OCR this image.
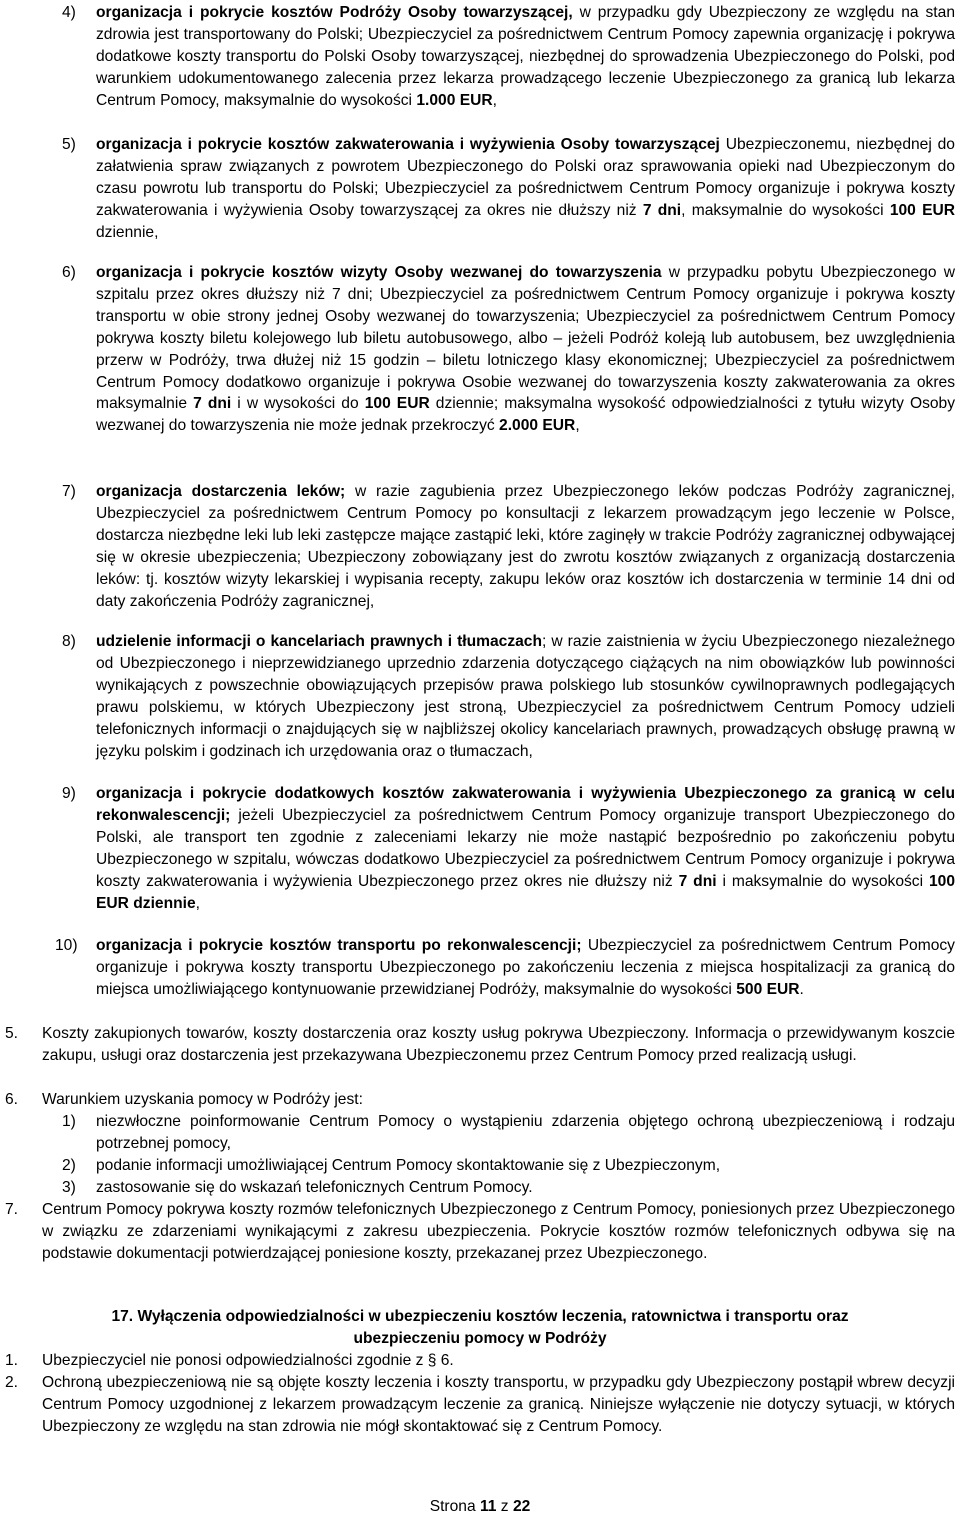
4) organizacja i pokrycie kosztów Podróży Osoby towarzyszącej, w przypadku gdy Ubezpieczony ze względu na stan zdrowia jest transportowany do Polski; Ubezpieczyciel za pośrednictwem Centrum Pomocy zapewnia organizację i pokrywa dodatkowe koszty transportu do Polski Osoby towarzyszącej, niezbędnej do sprowadzenia Ubezpieczonego do Polski, pod warunkiem udokumentowanego zalecenia przez lekarza prowadzącego leczenie Ubezpieczonego za granicą lub lekarza Centrum Pomocy, maksymalnie do wysokości 1.000 EUR,
5) organizacja i pokrycie kosztów zakwaterowania i wyżywienia Osoby towarzyszącej Ubezpieczonemu, niezbędnej do załatwienia spraw związanych z powrotem Ubezpieczonego do Polski oraz sprawowania opieki nad Ubezpieczonym do czasu powrotu lub transportu do Polski; Ubezpieczyciel za pośrednictwem Centrum Pomocy organizuje i pokrywa koszty zakwaterowania i wyżywienia Osoby towarzyszącej za okres nie dłuższy niż 7 dni, maksymalnie do wysokości 100 EUR dziennie,
6) organizacja i pokrycie kosztów wizyty Osoby wezwanej do towarzyszenia w przypadku pobytu Ubezpieczonego w szpitalu przez okres dłuższy niż 7 dni; Ubezpieczyciel za pośrednictwem Centrum Pomocy organizuje i pokrywa koszty transportu w obie strony jednej Osoby wezwanej do towarzyszenia; Ubezpieczyciel za pośrednictwem Centrum Pomocy pokrywa koszty biletu kolejowego lub biletu autobusowego, albo – jeżeli Podróż koleją lub autobusem, bez uwzględnienia przerw w Podróży, trwa dłużej niż 15 godzin – biletu lotniczego klasy ekonomicznej; Ubezpieczyciel za pośrednictwem Centrum Pomocy dodatkowo organizuje i pokrywa Osobie wezwanej do towarzyszenia koszty zakwaterowania za okres maksymalnie 7 dni i w wysokości do 100 EUR dziennie; maksymalna wysokość odpowiedzialności z tytułu wizyty Osoby wezwanej do towarzyszenia nie może jednak przekroczyć 2.000 EUR,
7) organizacja dostarczenia leków; w razie zagubienia przez Ubezpieczonego leków podczas Podróży zagranicznej, Ubezpieczyciel za pośrednictwem Centrum Pomocy po konsultacji z lekarzem prowadzącym jego leczenie w Polsce, dostarcza niezbędne leki lub leki zastępcze mające zastąpić leki, które zaginęły w trakcie Podróży zagranicznej odbywającej się w okresie ubezpieczenia; Ubezpieczony zobowiązany jest do zwrotu kosztów związanych z organizacją dostarczenia leków: tj. kosztów wizyty lekarskiej i wypisania recepty, zakupu leków oraz kosztów ich dostarczenia w terminie 14 dni od daty zakończenia Podróży zagranicznej,
8) udzielenie informacji o kancelariach prawnych i tłumaczach; w razie zaistnienia w życiu Ubezpieczonego niezależnego od Ubezpieczonego i nieprzewidzianego uprzednio zdarzenia dotyczącego ciążących na nim obowiązków lub powinności wynikających z powszechnie obowiązujących przepisów prawa polskiego lub stosunków cywilnoprawnych podlegających prawu polskiemu, w których Ubezpieczony jest stroną, Ubezpieczyciel za pośrednictwem Centrum Pomocy udzieli telefonicznych informacji o znajdujących się w najbliższej okolicy kancelariach prawnych, prowadzących obsługę prawną w języku polskim i godzinach ich urzędowania oraz o tłumaczach,
9) organizacja i pokrycie dodatkowych kosztów zakwaterowania i wyżywienia Ubezpieczonego za granicą w celu rekonwalescencji; jeżeli Ubezpieczyciel za pośrednictwem Centrum Pomocy organizuje transport Ubezpieczonego do Polski, ale transport ten zgodnie z zaleceniami lekarzy nie może nastąpić bezpośrednio po zakończeniu pobytu Ubezpieczonego w szpitalu, wówczas dodatkowo Ubezpieczyciel za pośrednictwem Centrum Pomocy organizuje i pokrywa koszty zakwaterowania i wyżywienia Ubezpieczonego przez okres nie dłuższy niż 7 dni i maksymalnie do wysokości 100 EUR dziennie,
10) organizacja i pokrycie kosztów transportu po rekonwalescencji; Ubezpieczyciel za pośrednictwem Centrum Pomocy organizuje i pokrywa koszty transportu Ubezpieczonego po zakończeniu leczenia z miejsca hospitalizacji za granicą do miejsca umożliwiającego kontynuowanie przewidzianej Podróży, maksymalnie do wysokości 500 EUR.
5. Koszty zakupionych towarów, koszty dostarczenia oraz koszty usług pokrywa Ubezpieczony. Informacja o przewidywanym koszcie zakupu, usługi oraz dostarczenia jest przekazywana Ubezpieczonemu przez Centrum Pomocy przed realizacją usługi.
6. Warunkiem uzyskania pomocy w Podróży jest:
1) niezwłoczne poinformowanie Centrum Pomocy o wystąpieniu zdarzenia objętego ochroną ubezpieczeniową i rodzaju potrzebnej pomocy,
2) podanie informacji umożliwiającej Centrum Pomocy skontaktowanie się z Ubezpieczonym,
3) zastosowanie się do wskazań telefonicznych Centrum Pomocy.
7. Centrum Pomocy pokrywa koszty rozmów telefonicznych Ubezpieczonego z Centrum Pomocy, poniesionych przez Ubezpieczonego w związku ze zdarzeniami wynikającymi z zakresu ubezpieczenia. Pokrycie kosztów rozmów telefonicznych odbywa się na podstawie dokumentacji potwierdzającej poniesione koszty, przekazanej przez Ubezpieczonego.
17. Wyłączenia odpowiedzialności w ubezpieczeniu kosztów leczenia, ratownictwa i transportu oraz
ubezpieczeniu pomocy w Podróży
1. Ubezpieczyciel nie ponosi odpowiedzialności zgodnie z § 6.
2. Ochroną ubezpieczeniową nie są objęte koszty leczenia i koszty transportu, w przypadku gdy Ubezpieczony postąpił wbrew decyzji Centrum Pomocy uzgodnionej z lekarzem prowadzącym leczenie za granicą. Niniejsze wyłączenie nie dotyczy sytuacji, w których Ubezpieczony ze względu na stan zdrowia nie mógł skontaktować się z Centrum Pomocy.
Strona 11 z 22
